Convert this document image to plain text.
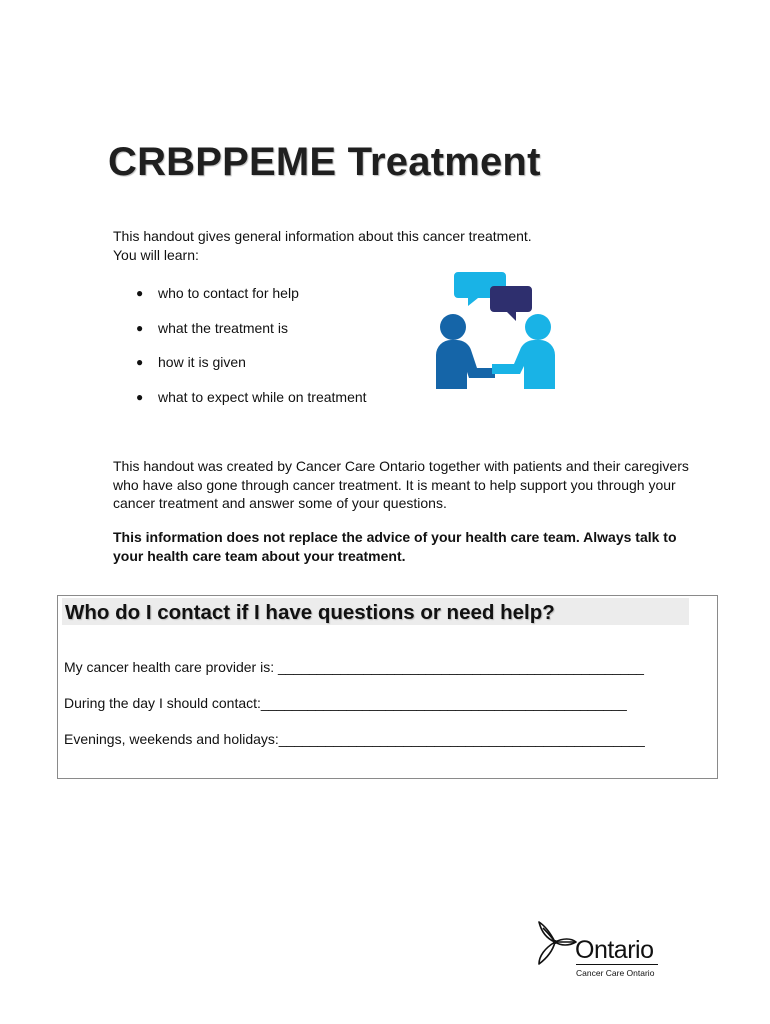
CRBPPEME Treatment

This handout gives general information about this cancer treatment.

You will learn:

● who to contact for help
● what the treatment is
● how it is given
● what to expect while on treatment

This handout was created by Cancer Care Ontario together with patients and their caregivers who have also gone through cancer treatment. It is meant to help support you through your cancer treatment and answer some of your questions.

This information does not replace the advice of your health care team. Always talk to your health care team about your treatment.

Who do I contact if I have questions or need help?
My cancer health care provider is: _______________________________________________
During the day I should contact:_______________________________________________
Evenings, weekends and holidays:_______________________________________________
Ontario
Cancer Care Ontario
